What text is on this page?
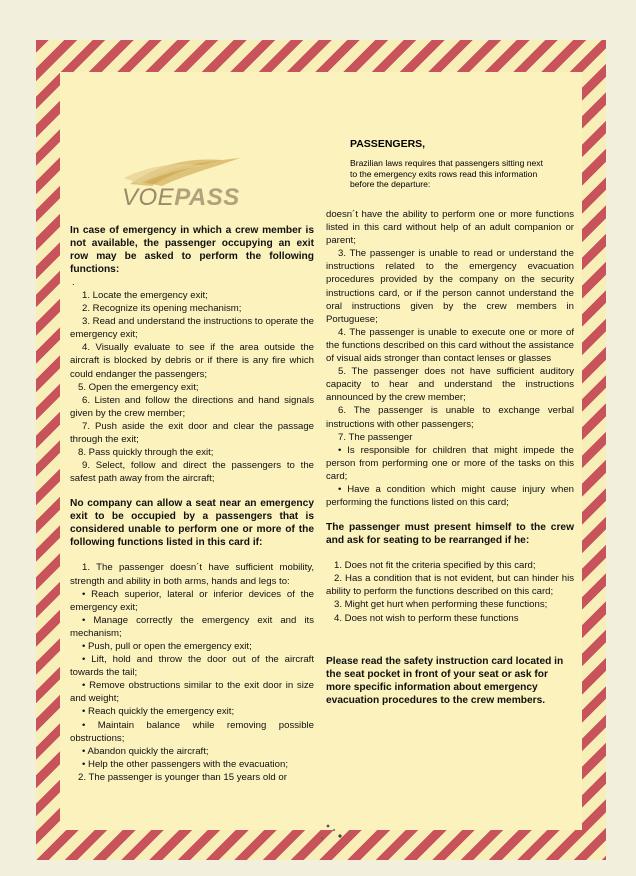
VOEPASS
PASSENGERS,
Brazilian laws requires that passengers sitting next to the emergency exits rows read this information before the departure:

In case of emergency in which a crew member is not available, the passenger occupying an exit row may be asked to perform the following functions:

.

1. Locate the emergency exit;

2. Recognize its opening mechanism;

3. Read and understand the instructions to operate the emergency exit;

4. Visually evaluate to see if the area outside the aircraft is blocked by debris or if there is any fire which could endanger the passengers;

5. Open the emergency exit;

6. Listen and follow the directions and hand signals given by the crew member;

7. Push aside the exit door and clear the passage through the exit;

8. Pass quickly through the exit;

9. Select, follow and direct the passengers to the safest path away from the aircraft;

No company can allow a seat near an emergency exit to be occupied by a passengers that is considered unable to perform one or more of the following functions listed in this card if:

1. The passenger doesn´t have sufficient mobility, strength and ability in both arms, hands and legs to:

• Reach superior, lateral or inferior devices of the emergency exit;

• Manage correctly the emergency exit and its mechanism;

• Push, pull or open the emergency exit;

• Lift, hold and throw the door out of the aircraft towards the tail;

• Remove obstructions similar to the exit door in size and weight;

• Reach quickly the emergency exit;

• Maintain balance while removing possible obstructions;

• Abandon quickly the aircraft;

• Help the other passengers with the evacuation;

2. The passenger is younger than 15 years old or

doesn´t have the ability to perform one or more functions listed in this card without help of an adult companion or parent;

3. The passenger is unable to read or understand the instructions related to the emergency evacuation procedures provided by the company on the security instructions card, or if the person cannot understand the oral instructions given by the crew members in Portuguese;

4. The passenger is unable to execute one or more of the functions described on this card without the assistance of visual aids stronger than contact lenses or glasses

5. The passenger does not have sufficient auditory capacity to hear and understand the instructions announced by the crew member;

6. The passenger is unable to exchange verbal instructions with other passengers;

7. The passenger

• Is responsible for children that might impede the person from performing one or more of the tasks on this card;

• Have a condition which might cause injury when performing the functions listed on this card;

The passenger must present himself to the crew and ask for seating to be rearranged if he:

1. Does not fit the criteria specified by this card;

2. Has a condition that is not evident, but can hinder his ability to perform the functions described on this card;

3. Might get hurt when performing these functions;

4. Does not wish to perform these functions

Please read the safety instruction card located in the seat pocket in front of your seat or ask for more specific information about emergency evacuation procedures to the crew members.
